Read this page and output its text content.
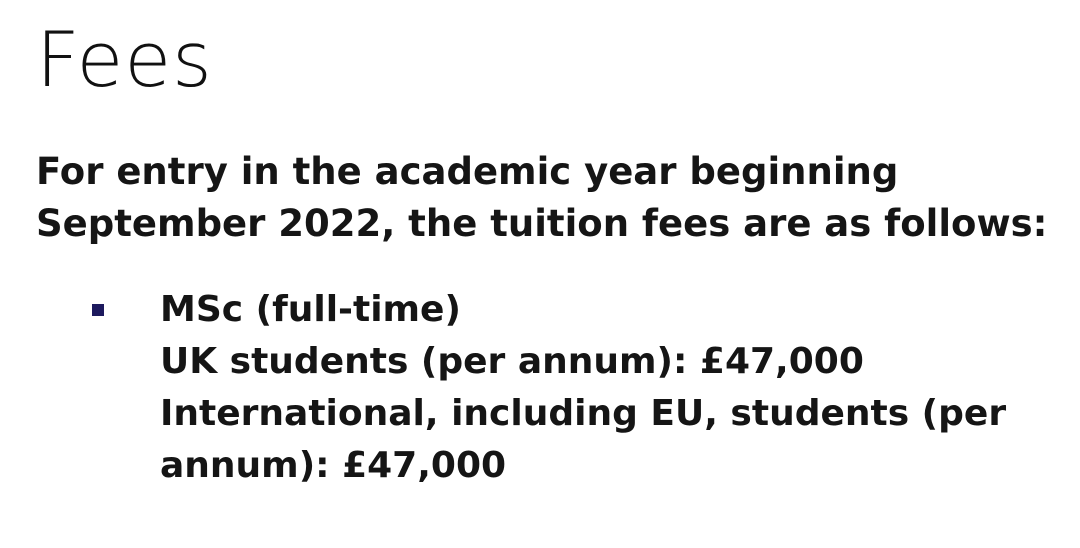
Fees

For entry in the academic year beginning September 2022, the tuition fees are as follows:

MSc (full-time)
UK students (per annum): £47,000
International, including EU, students (per
annum): £47,000
